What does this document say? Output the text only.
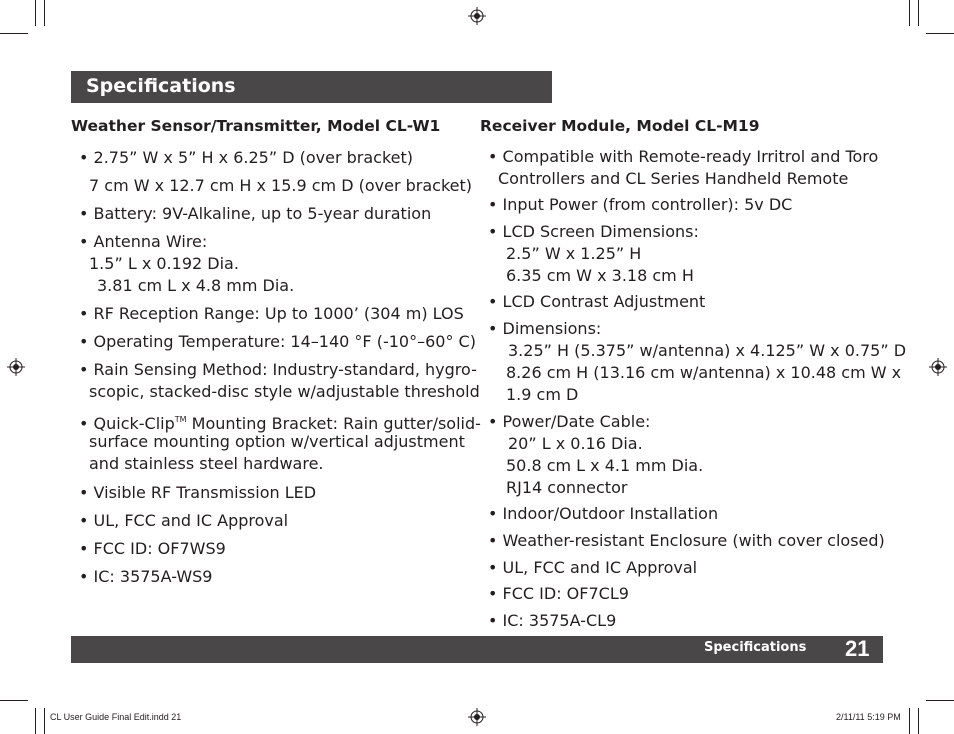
Specifications
Weather Sensor/Transmitter, Model CL-W1
• 2.75” W x 5” H x 6.25” D (over bracket)
7 cm W x 12.7 cm H x 15.9 cm D (over bracket)
• Battery: 9V-Alkaline, up to 5-year duration
• Antenna Wire:
1.5” L x 0.192 Dia.
3.81 cm L x 4.8 mm Dia.
• RF Reception Range: Up to 1000’ (304 m) LOS
• Operating Temperature: 14–140 °F (-10°–60° C)
• Rain Sensing Method: Industry-standard, hygro-
scopic, stacked-disc style w/adjustable threshold
• Quick-Clip™ Mounting Bracket: Rain gutter/solid-
surface mounting option w/vertical adjustment
and stainless steel hardware.
• Visible RF Transmission LED
• UL, FCC and IC Approval
• FCC ID: OF7WS9
• IC: 3575A-WS9
Receiver Module, Model CL-M19
• Compatible with Remote-ready Irritrol and Toro
Controllers and CL Series Handheld Remote
• Input Power (from controller): 5v DC
• LCD Screen Dimensions:
2.5” W x 1.25” H
6.35 cm W x 3.18 cm H
• LCD Contrast Adjustment
• Dimensions:
3.25” H (5.375” w/antenna) x 4.125” W x 0.75” D
8.26 cm H (13.16 cm w/antenna) x 10.48 cm W x
1.9 cm D
• Power/Date Cable:
20” L x 0.16 Dia.
50.8 cm L x 4.1 mm Dia.
RJ14 connector
• Indoor/Outdoor Installation
• Weather-resistant Enclosure (with cover closed)
• UL, FCC and IC Approval
• FCC ID: OF7CL9
• IC: 3575A-CL9
Specifications 21
CL User Guide Final Edit.indd 21	2/11/11 5:19 PM
